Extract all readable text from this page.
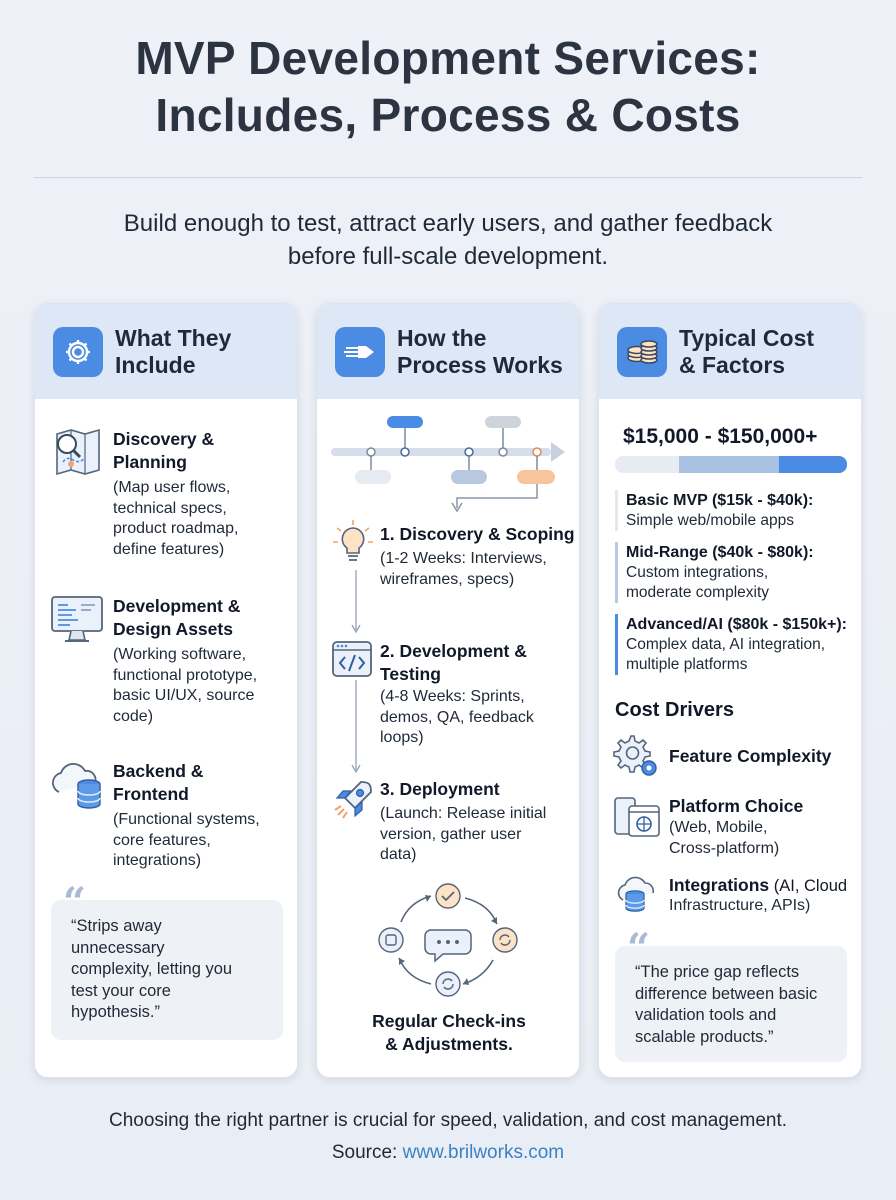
MVP Development Services:
Includes, Process & Costs
Build enough to test, attract early users, and gather feedback
before full-scale development.
What They
Include
Discovery &
Planning
(Map user flows,
technical specs,
product roadmap,
define features)
Development &
Design Assets
(Working software,
functional prototype,
basic UI/UX, source
code)
Backend &
Frontend
(Functional systems,
core features,
integrations)
“
“Strips away
unnecessary
complexity, letting you
test your core
hypothesis.”
How the
Process Works
1. Discovery & Scoping
(1-2 Weeks: Interviews,
wireframes, specs)
2. Development &
Testing
(4-8 Weeks: Sprints,
demos, QA, feedback
loops)
3. Deployment
(Launch: Release initial
version, gather user
data)
Regular Check-ins
& Adjustments.
Typical Cost
& Factors
$15,000 - $150,000+
Basic MVP ($15k - $40k):
Simple web/mobile apps
Mid-Range ($40k - $80k):
Custom integrations,
moderate complexity
Advanced/AI ($80k - $150k+):
Complex data, AI integration,
multiple platforms
Cost Drivers
Feature Complexity
Platform Choice
(Web, Mobile,
Cross-platform)
Integrations (AI, Cloud
Infrastructure, APIs)
“
“The price gap reflects
difference between basic
validation tools and
scalable products.”
Choosing the right partner is crucial for speed, validation, and cost management.
Source: www.brilworks.com
